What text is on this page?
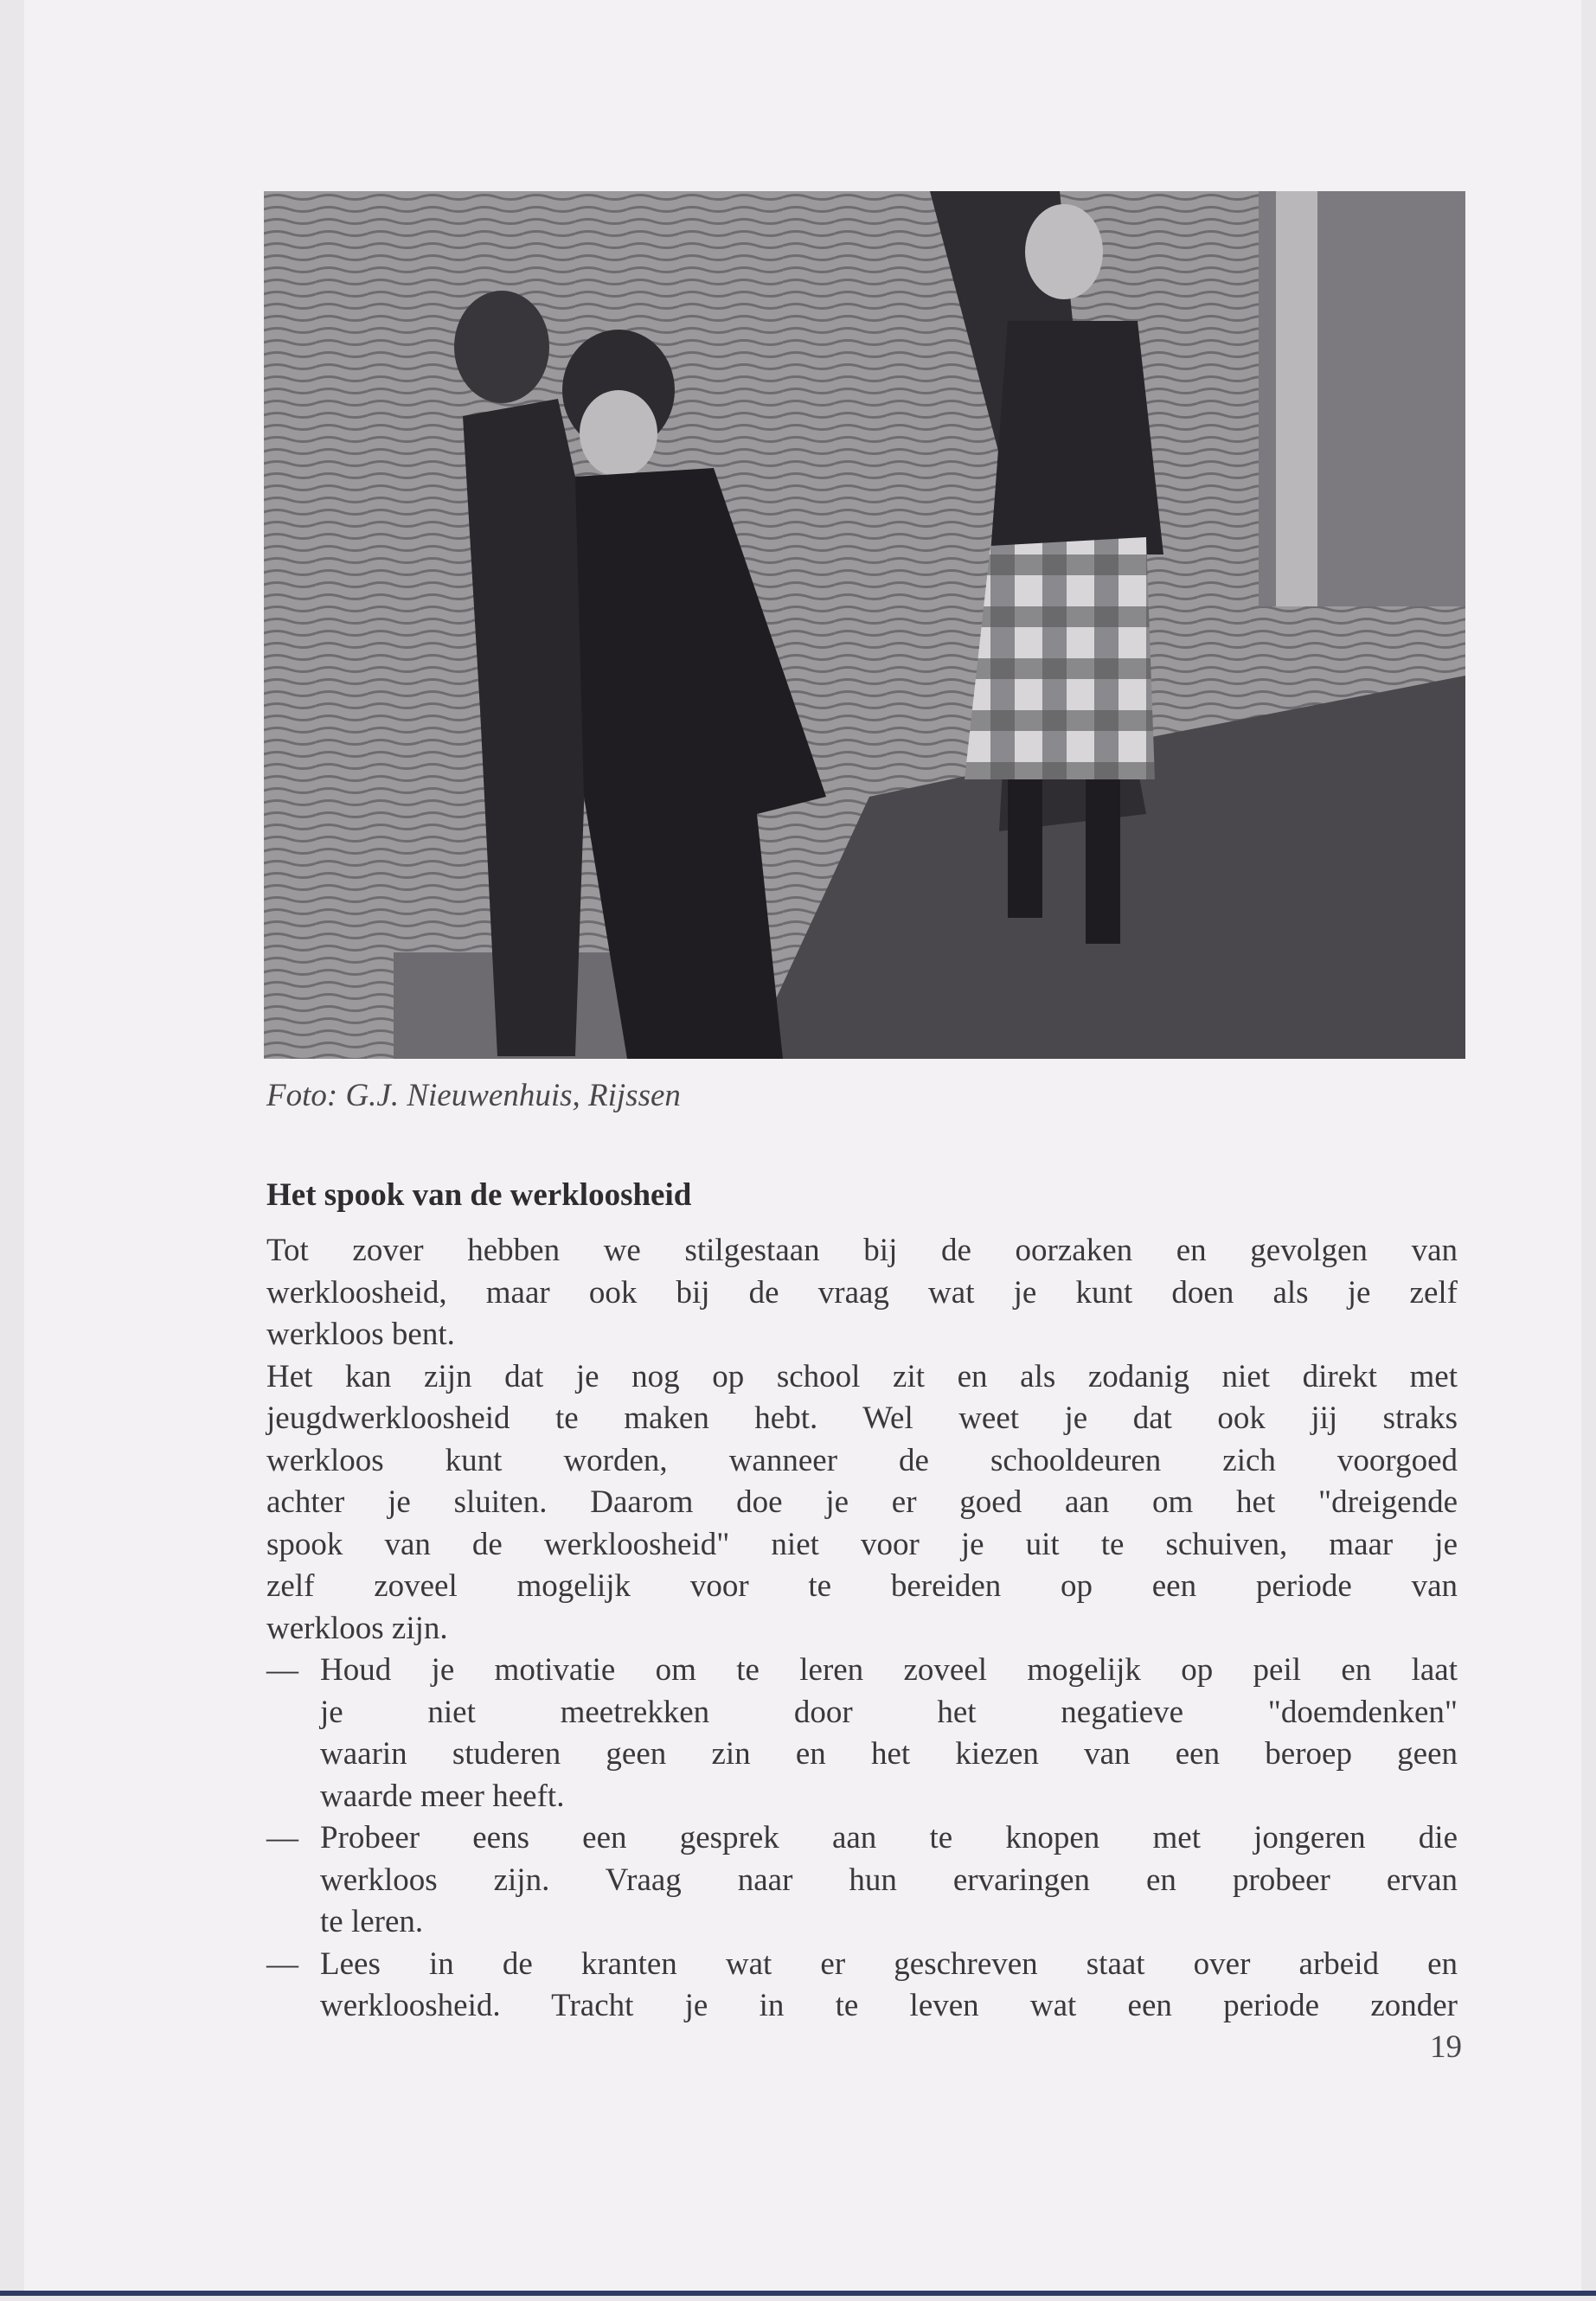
Foto: G.J. Nieuwenhuis, Rijssen
Het spook van de werkloosheid
Tot zover hebben we stilgestaan bij de oorzaken en gevolgen van
werkloosheid, maar ook bij de vraag wat je kunt doen als je zelf
werkloos bent.
Het kan zijn dat je nog op school zit en als zodanig niet direkt met
jeugdwerkloosheid te maken hebt. Wel weet je dat ook jij straks
werkloos kunt worden, wanneer de schooldeuren zich voorgoed
achter je sluiten. Daarom doe je er goed aan om het "dreigende
spook van de werkloosheid" niet voor je uit te schuiven, maar je
zelf zoveel mogelijk voor te bereiden op een periode van
werkloos zijn.
— Houd je motivatie om te leren zoveel mogelijk op peil en laat
je niet meetrekken door het negatieve "doemdenken"
waarin studeren geen zin en het kiezen van een beroep geen
waarde meer heeft.
— Probeer eens een gesprek aan te knopen met jongeren die
werkloos zijn. Vraag naar hun ervaringen en probeer ervan
te leren.
— Lees in de kranten wat er geschreven staat over arbeid en
werkloosheid. Tracht je in te leven wat een periode zonder
19
